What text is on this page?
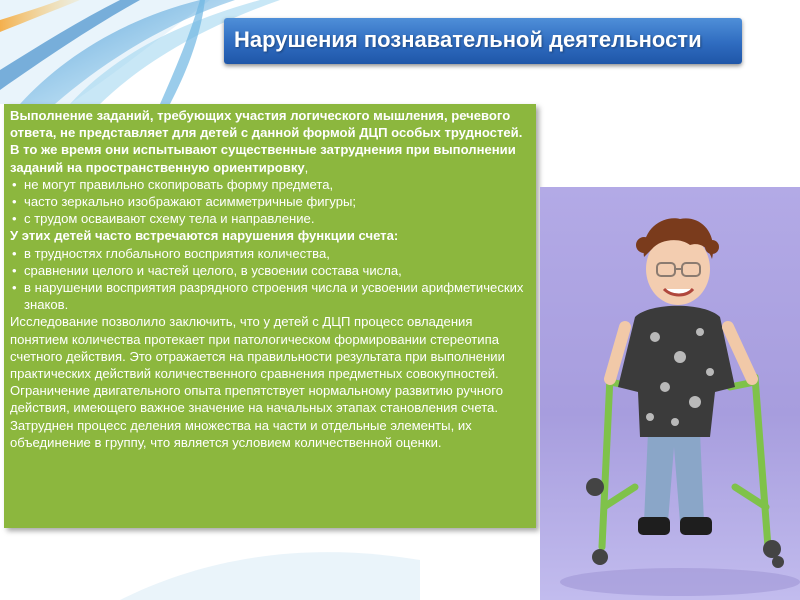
Нарушения познавательной деятельности

Выполнение заданий, требующих участия логического мышления, речевого ответа, не представляет для детей с данной формой ДЦП особых трудностей.

В то же время они испытывают существенные затруднения при выполнении заданий на пространственную ориентировку,

• не могут правильно скопировать форму предмета,
• часто зеркально изображают асимметричные фигуры;
• с трудом осваивают схему тела и направление.

У этих детей часто встречаются нарушения функции счета:

• в трудностях глобального восприятия количества,
• сравнении целого и частей целого, в усвоении состава числа,
• в нарушении восприятия разрядного строения числа и усвоении арифметических знаков.

Исследование позволило заключить, что у детей с ДЦП процесс овладения понятием количества протекает при патологическом формировании стереотипа счетного действия. Это отражается на правильности результата при выполнении практических действий количественного сравнения предметных совокупностей. Ограничение двигательного опыта препятствует нормальному развитию ручного действия, имеющего важное значение на начальных этапах становления счета. Затруднен процесс деления множества на части и отдельные элементы, их объединение в группу, что является условием количественной оценки.
